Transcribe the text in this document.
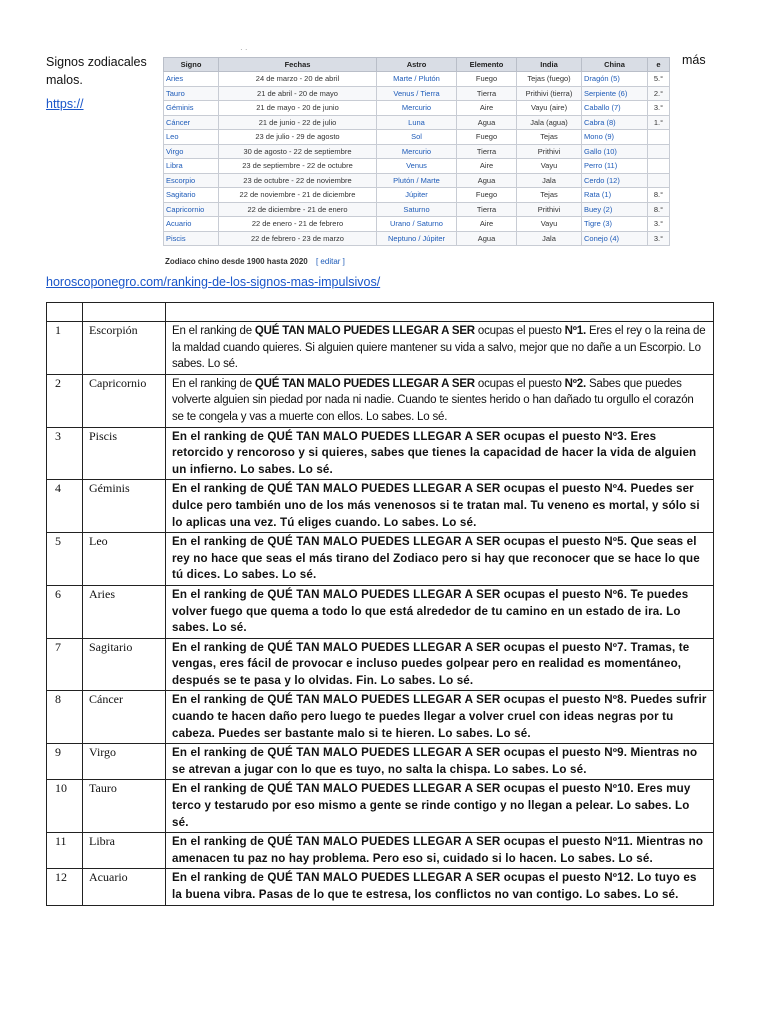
Signos zodiacales malos.
más
https://
· ·
Signo	Fechas	Astro	Elemento	India	China	e
Aries	24 de marzo - 20 de abril	Marte / Plutón	Fuego	Tejas (fuego)	Dragón (5)	5.°
Tauro	21 de abril - 20 de mayo	Venus / Tierra	Tierra	Prithivi (tierra)	Serpiente (6)	2.°
Géminis	21 de mayo - 20 de junio	Mercurio	Aire	Vayu (aire)	Caballo (7)	3.°
Cáncer	21 de junio - 22 de julio	Luna	Agua	Jala (agua)	Cabra (8)	1.°
Leo	23 de julio - 29 de agosto	Sol	Fuego	Tejas	Mono (9)	
Virgo	30 de agosto - 22 de septiembre	Mercurio	Tierra	Prithivi	Gallo (10)	
Libra	23 de septiembre - 22 de octubre	Venus	Aire	Vayu	Perro (11)	
Escorpio	23 de octubre - 22 de noviembre	Plutón / Marte	Agua	Jala	Cerdo (12)	
Sagitario	22 de noviembre - 21 de diciembre	Júpiter	Fuego	Tejas	Rata (1)	8.°
Capricornio	22 de diciembre - 21 de enero	Saturno	Tierra	Prithivi	Buey (2)	8.°
Acuario	22 de enero - 21 de febrero	Urano / Saturno	Aire	Vayu	Tigre (3)	3.°
Piscis	22 de febrero - 23 de marzo	Neptuno / Júpiter	Agua	Jala	Conejo (4)	3.°
Zodiaco chino desde 1900 hasta 2020 [ editar ]
horoscoponegro.com/ranking-de-los-signos-mas-impulsivos/

1	Escorpión	En el ranking de QUÉ TAN MALO PUEDES LLEGAR A SER ocupas el puesto Nº1. Eres el rey o la reina de la maldad cuando quieres. Si alguien quiere mantener su vida a salvo, mejor que no dañe a un Escorpio. Lo sabes. Lo sé.
2	Capricornio	En el ranking de QUÉ TAN MALO PUEDES LLEGAR A SER ocupas el puesto Nº2. Sabes que puedes volverte alguien sin piedad por nada ni nadie. Cuando te sientes herido o han dañado tu orgullo el corazón se te congela y vas a muerte con ellos. Lo sabes. Lo sé.
3	Piscis	En el ranking de QUÉ TAN MALO PUEDES LLEGAR A SER ocupas el puesto Nº3. Eres retorcido y rencoroso y si quieres, sabes que tienes la capacidad de hacer la vida de alguien un infierno. Lo sabes. Lo sé.
4	Géminis	En el ranking de QUÉ TAN MALO PUEDES LLEGAR A SER ocupas el puesto Nº4. Puedes ser dulce pero también uno de los más venenosos si te tratan mal. Tu veneno es mortal, y sólo si lo aplicas una vez. Tú eliges cuando. Lo sabes. Lo sé.
5	Leo	En el ranking de QUÉ TAN MALO PUEDES LLEGAR A SER ocupas el puesto Nº5. Que seas el rey no hace que seas el más tirano del Zodiaco pero si hay que reconocer que se hace lo que tú dices. Lo sabes. Lo sé.
6	Aries	En el ranking de QUÉ TAN MALO PUEDES LLEGAR A SER ocupas el puesto Nº6. Te puedes volver fuego que quema a todo lo que está alrededor de tu camino en un estado de ira. Lo sabes. Lo sé.
7	Sagitario	En el ranking de QUÉ TAN MALO PUEDES LLEGAR A SER ocupas el puesto Nº7. Tramas, te vengas, eres fácil de provocar e incluso puedes golpear pero en realidad es momentáneo, después se te pasa y lo olvidas. Fin. Lo sabes. Lo sé.
8	Cáncer	En el ranking de QUÉ TAN MALO PUEDES LLEGAR A SER ocupas el puesto Nº8. Puedes sufrir cuando te hacen daño pero luego te puedes llegar a volver cruel con ideas negras por tu cabeza. Puedes ser bastante malo si te hieren. Lo sabes. Lo sé.
9	Virgo	En el ranking de QUÉ TAN MALO PUEDES LLEGAR A SER ocupas el puesto Nº9. Mientras no se atrevan a jugar con lo que es tuyo, no salta la chispa. Lo sabes. Lo sé.
10	Tauro	En el ranking de QUÉ TAN MALO PUEDES LLEGAR A SER ocupas el puesto Nº10. Eres muy terco y testarudo por eso mismo a gente se rinde contigo y no llegan a pelear. Lo sabes. Lo sé.
11	Libra	En el ranking de QUÉ TAN MALO PUEDES LLEGAR A SER ocupas el puesto Nº11. Mientras no amenacen tu paz no hay problema. Pero eso si, cuidado si lo hacen. Lo sabes. Lo sé.
12	Acuario	En el ranking de QUÉ TAN MALO PUEDES LLEGAR A SER ocupas el puesto Nº12. Lo tuyo es la buena vibra. Pasas de lo que te estresa, los conflictos no van contigo. Lo sabes. Lo sé.
